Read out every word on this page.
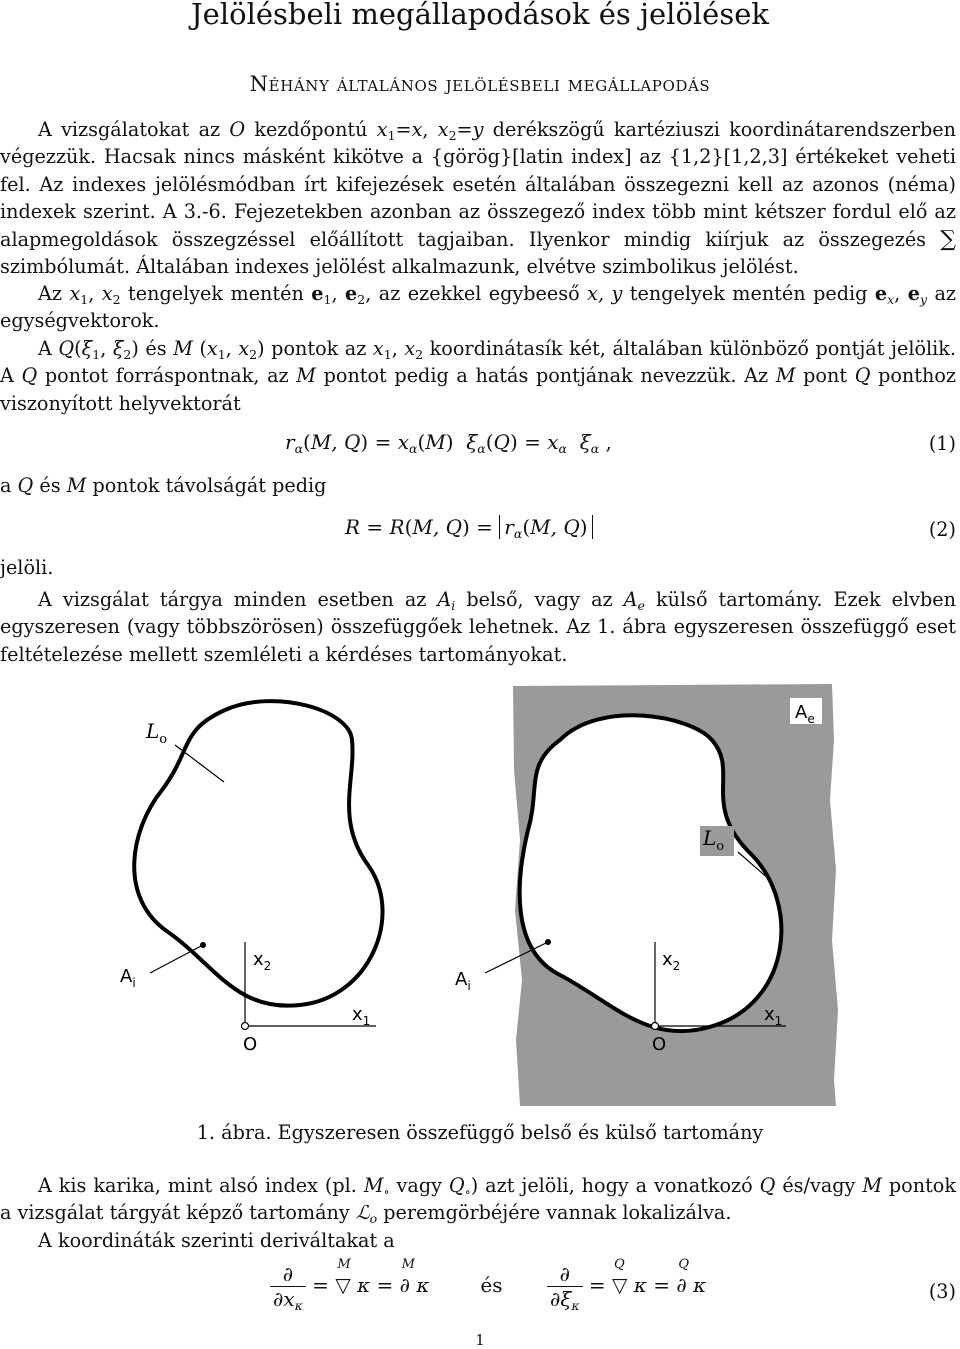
Jelölésbeli megállapodások és jelölések
Néhány általános jelölésbeli megállapodás

A vizsgálatokat az O kezdőpontú $x_1=x$, $x_2=y$ derékszögű kartéziuszi koordinátarendszerben végezzük. Hacsak nincs másként kikötve a {görög}[latin index] az {1,2}[1,2,3] értékeket veheti fel. Az indexes jelölésmódban írt kifejezések esetén általában összegezni kell az azonos (néma) indexek szerint. A 3.-6. Fejezetekben azonban az összegező index több mint kétszer fordul elő az alapmegoldások összegzéssel előállított tagjaiban. Ilyenkor mindig kiírjuk az összegezés ∑ szimbólumát. Általában indexes jelölést alkalmazunk, elvétve szimbolikus jelölést.

Az $x_1$, $x_2$ tengelyek mentén $e_1$, $e_2$, az ezekkel egybeeső x, y tengelyek mentén pedig $e_x$, $e_y$ az egységvektorok.

A $Q(\xi_1$, $\xi_2$) és M ($x_1$, $x_2$) pontok az $x_1$, $x_2$ koordinátasík két, általában különböző pontját jelölik. A Q pontot forráspontnak, az M pontot pedig a hatás pontjának nevezzük. Az M pont Q ponthoz viszonyított helyvektorát

$r_\alpha(M$, $Q) = x_\alpha(M) \xi_\alpha(Q) = x_\alpha$ $\xi_\alpha$ ,	(1)
a Q és M pontok távolságát pedig
R = R(M, $Q) = r_\alpha(M$, Q)	(2)
jelöli.

A vizsgálat tárgya minden esetben az $A_i$ belső, vagy az $A_e$ külső tartomány. Ezek elvben egyszeresen (vagy többszörösen) összefüggőek lehetnek. Az 1. ábra egyszeresen összefüggő eset feltételezése mellett szemléleti a kérdéses tartományokat.

$L_o$
$A_i$
$x_2$
$x_1$
O
$A_e$
$L_o$
$A_i$
$x_2$
$x_1$
O
1. ábra. Egyszeresen összefüggő belső és külső tartomány

A kis karika, mint alsó index (pl. $M_\circ$ vagy $Q_\circ$) azt jelöli, hogy a vonatkozó Q és/vagy M pontok a vizsgálat tárgyát képző tartomány ℒ$_o$ peremgörbéjére vannak lokalizálva.

A koordináták szerinti deriváltakat a

$\frac{\partial}{\partial x_\kappa}$ =
M
▽ κ =
M
∂ κ	és $\frac{\partial}{\partial\xi_\kappa}$ =
Q
▽ κ =
Q
∂ κ	(3)
1
